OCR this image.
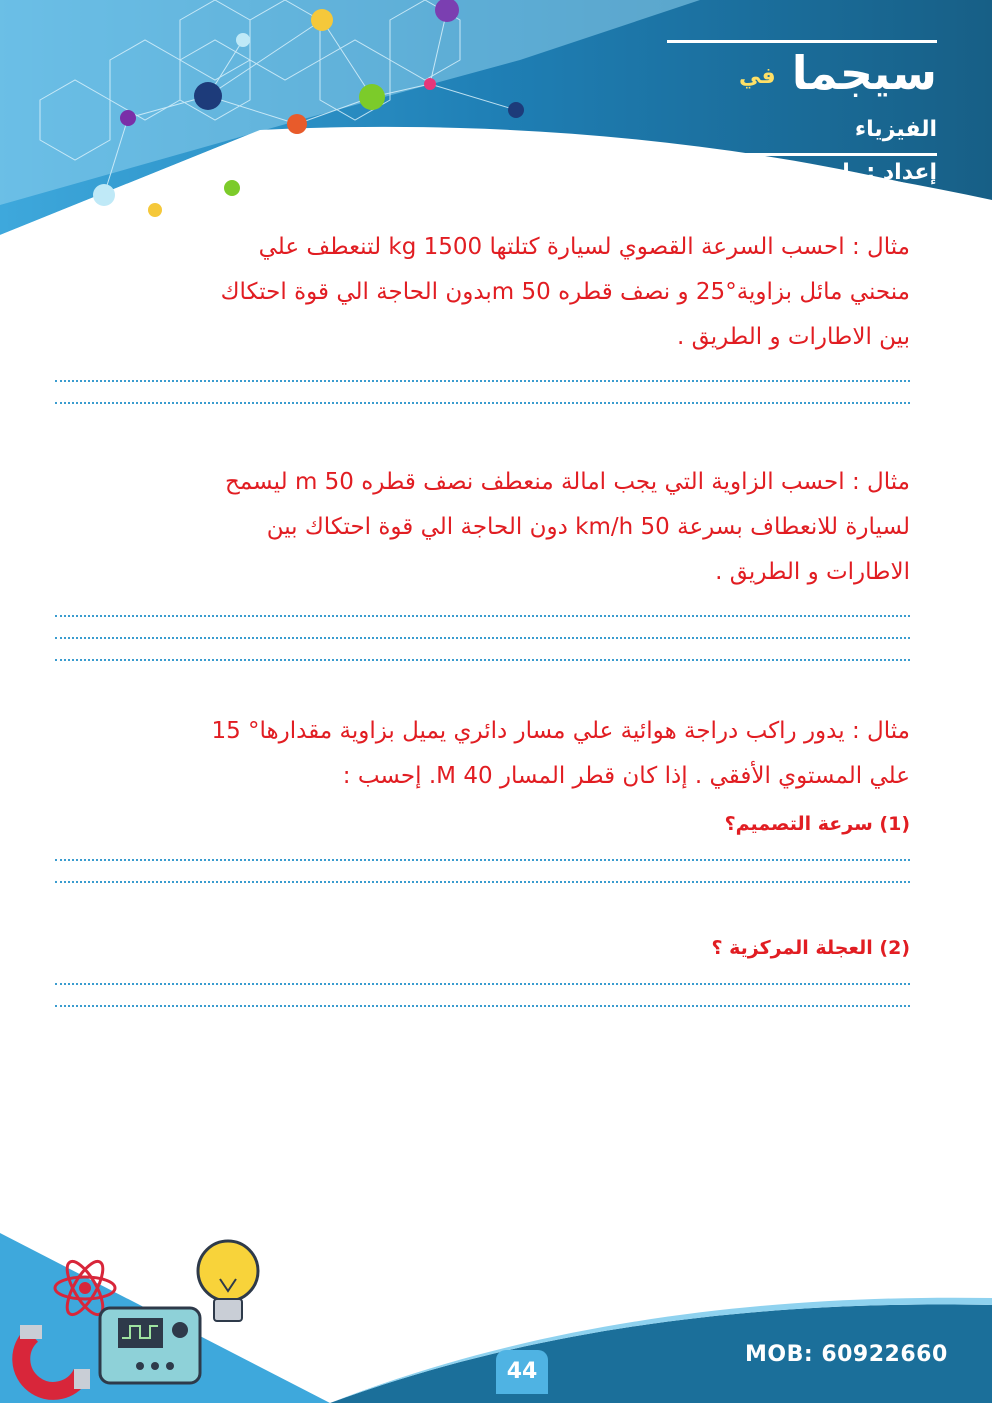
سيجما في الفيزياء
إعداد : ياسر جاد
مثال : احسب السرعة القصوي لسيارة كتلتها 1500 kg لتنعطف علي
منحني مائل بزاوية°25 و نصف قطره 50 mبدون الحاجة الي قوة احتكاك
بين الاطارات و الطريق .
مثال : احسب الزاوية التي يجب امالة منعطف نصف قطره 50 m ليسمح
لسيارة للانعطاف بسرعة 50 km/h دون الحاجة الي قوة احتكاك بين
الاطارات و الطريق .
مثال : يدور راكب دراجة هوائية علي مسار دائري يميل بزاوية مقدارها° 15
علي المستوي الأفقي . إذا كان قطر المسار M 40. إحسب :
(1) سرعة التصميم؟
(2) العجلة المركزية ؟
MOB: 60922660
44
